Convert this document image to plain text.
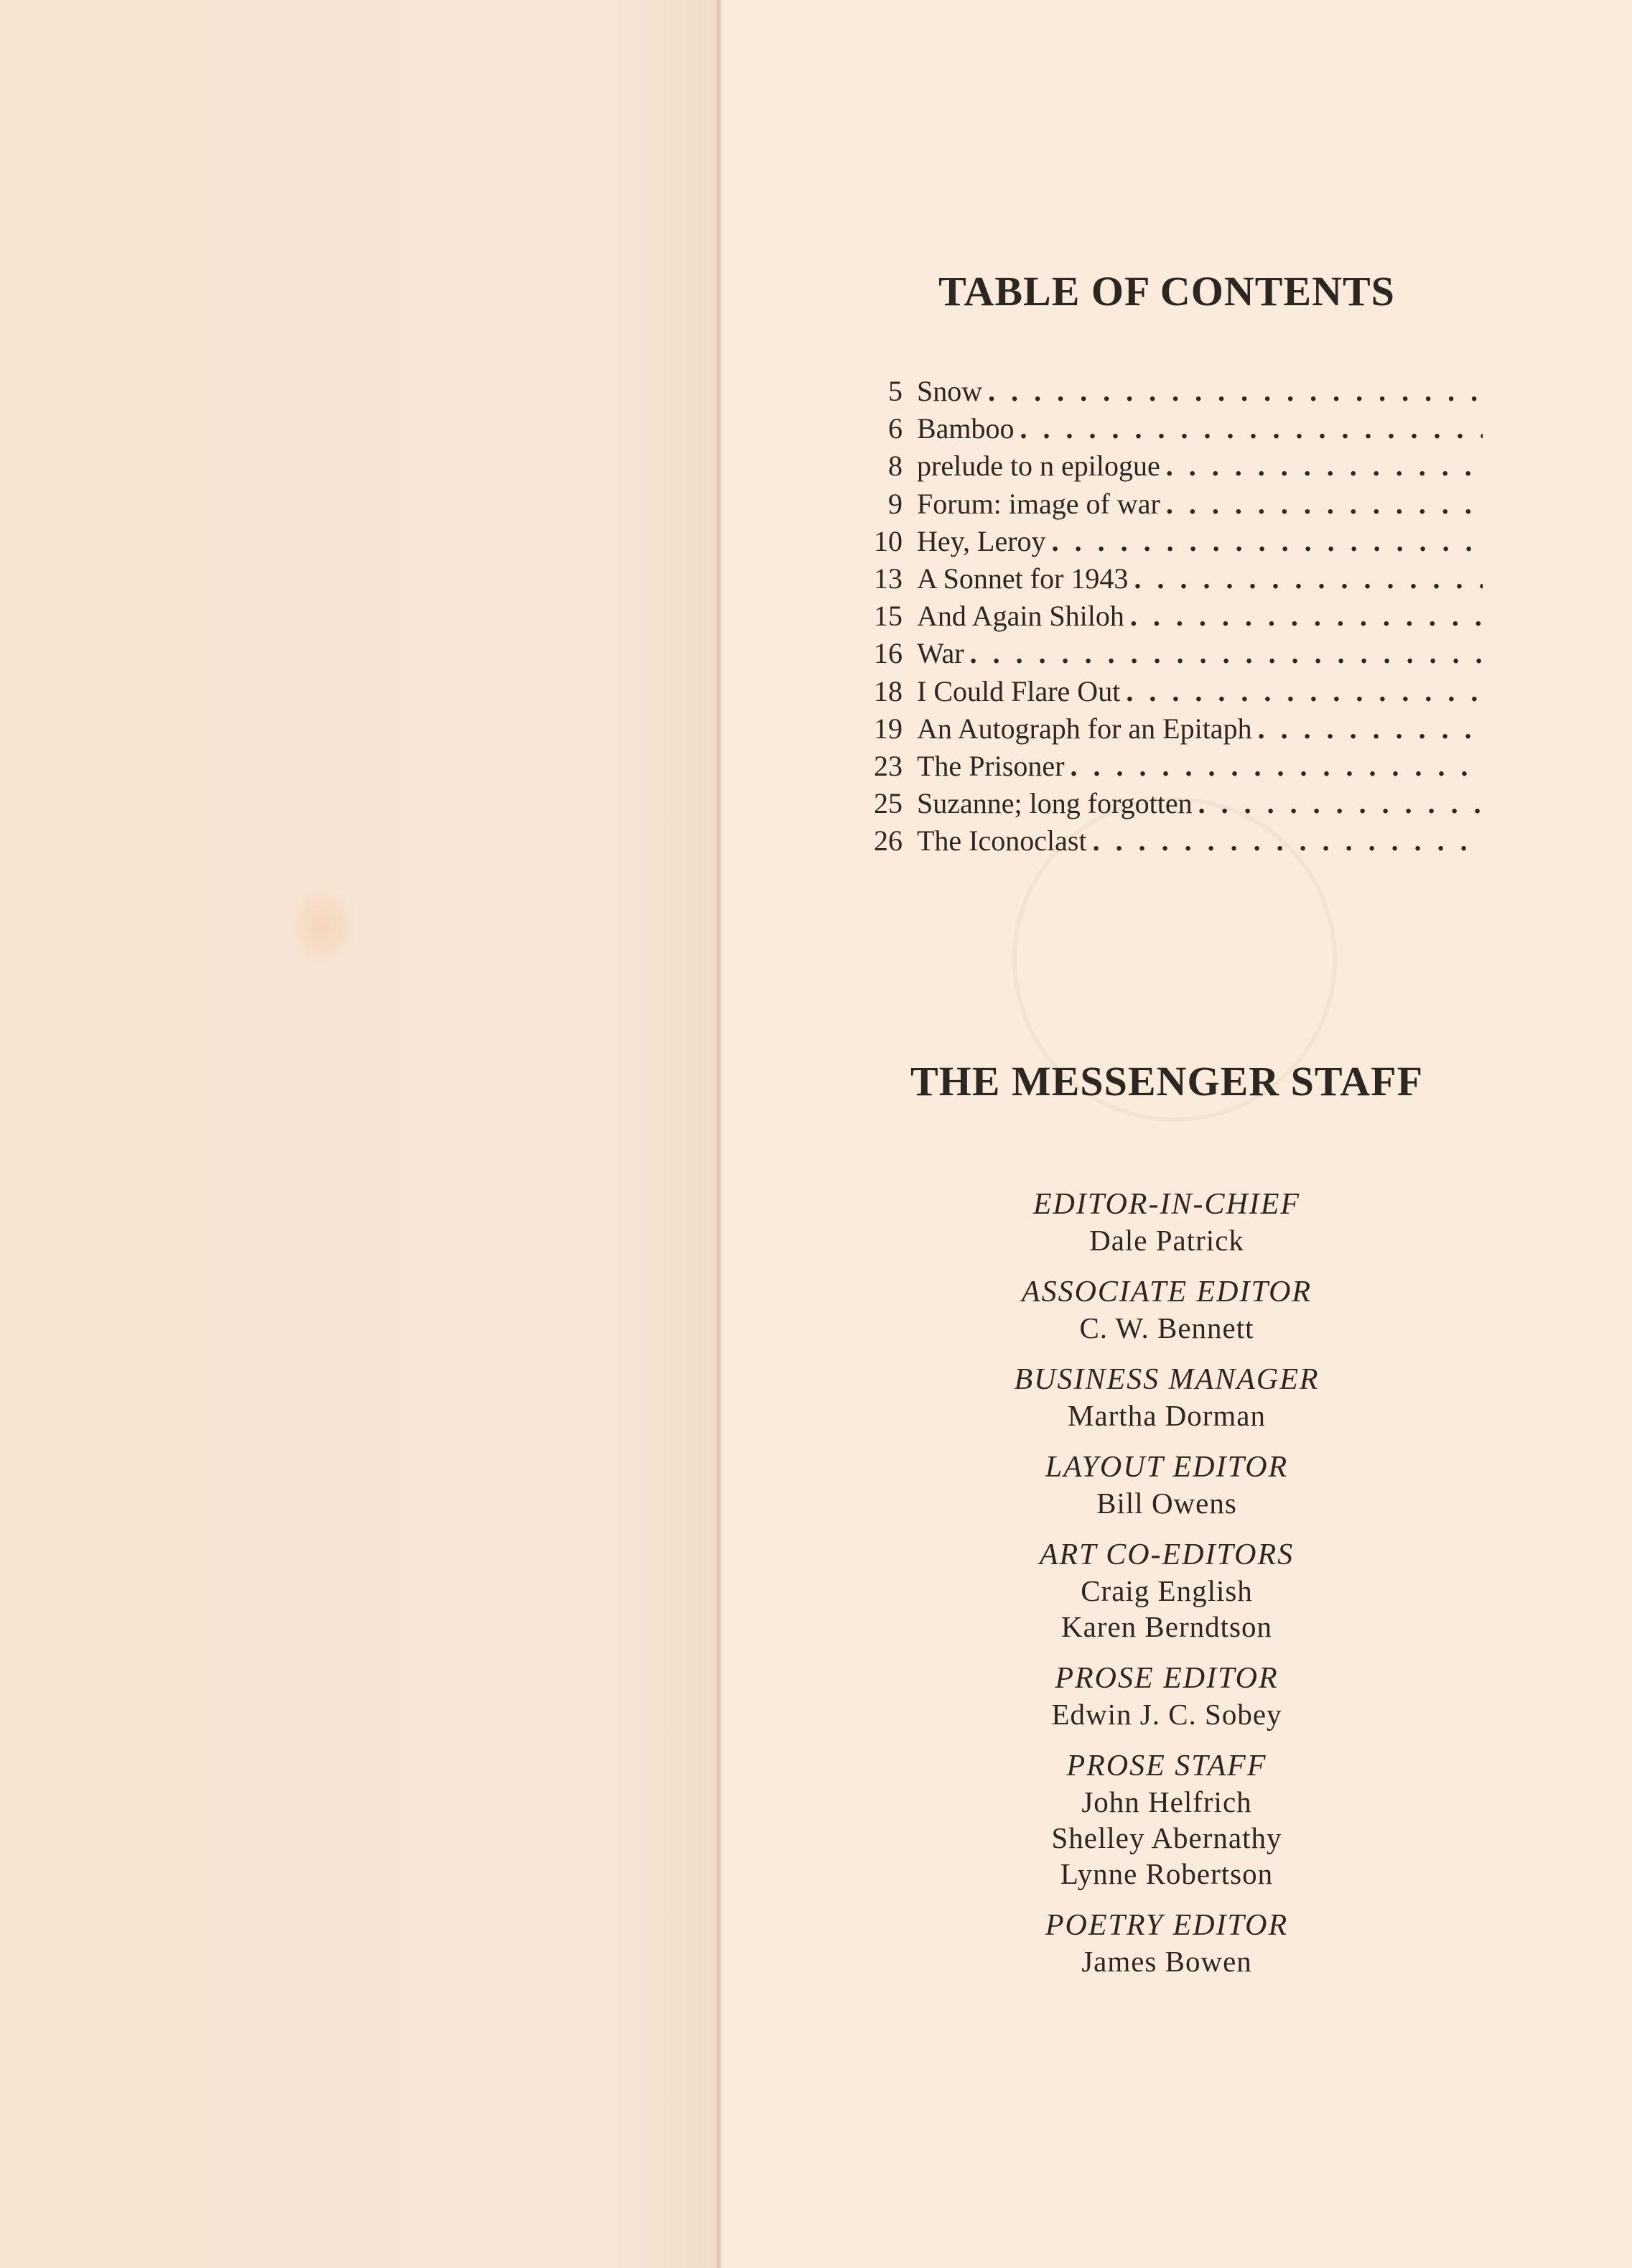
TABLE OF CONTENTS
5 Snow
. . .
6 Bamboo
. . .
8 prelude to n epilogue
. . .
9 Forum: image of war
. . .
10 Hey, Leroy
. . .
13 A Sonnet for 1943
. . .
15 And Again Shiloh
. . .
16 War
. . .
18 I Could Flare Out
. . .
19 An Autograph for an Epitaph
. . .
23 The Prisoner
. . .
25 Suzanne; long forgotten
. . .
26 The Iconoclast
. . .
THE MESSENGER STAFF
EDITOR-IN-CHIEF
Dale Patrick
ASSOCIATE EDITOR
C. W. Bennett
BUSINESS MANAGER
Martha Dorman
LAYOUT EDITOR
Bill Owens
ART CO-EDITORS
Craig English
Karen Berndtson
PROSE EDITOR
Edwin J. C. Sobey
PROSE STAFF
John Helfrich
Shelley Abernathy
Lynne Robertson
POETRY EDITOR
James Bowen
